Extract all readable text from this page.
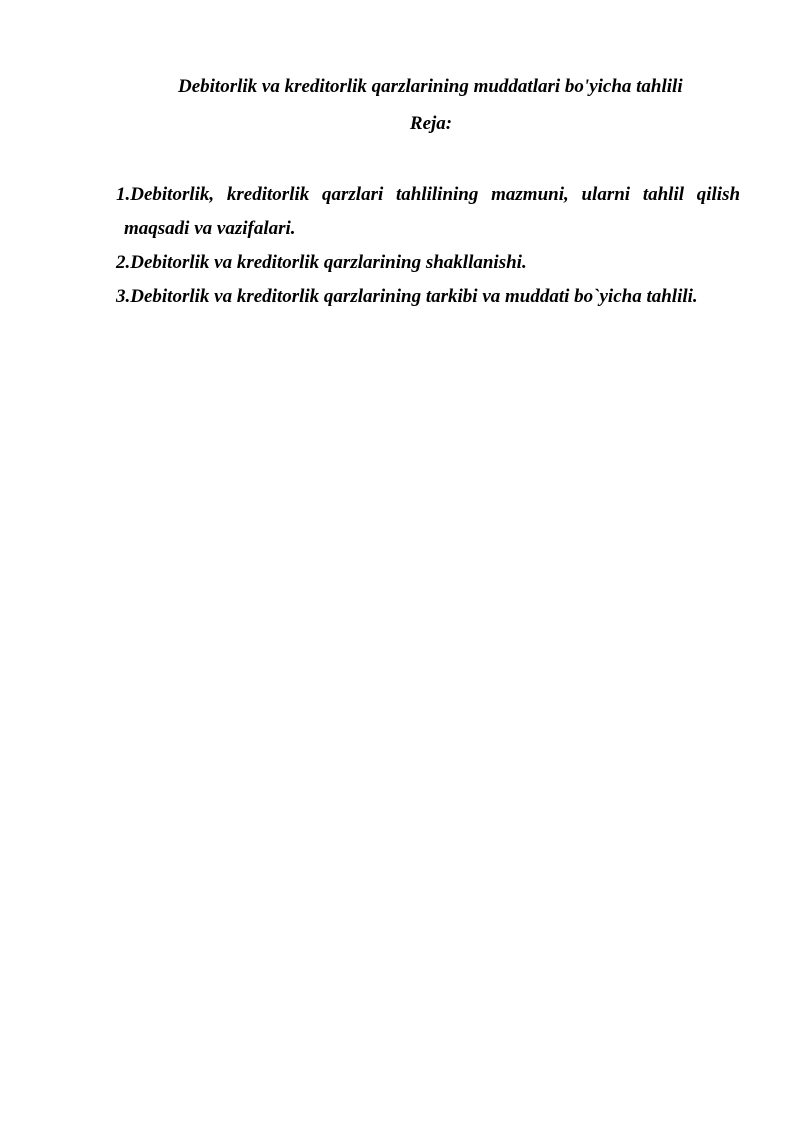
Debitorlik va kreditorlik qarzlarining muddatlari bo'yicha tahlili
Reja:
1.Debitorlik, kreditorlik qarzlari tahlilining mazmuni, ularni tahlil qilish
maqsadi va vazifalari.
2.Debitorlik va kreditorlik qarzlarining shakllanishi.
3.Debitorlik va kreditorlik qarzlarining tarkibi va muddati bo`yicha tahlili.
